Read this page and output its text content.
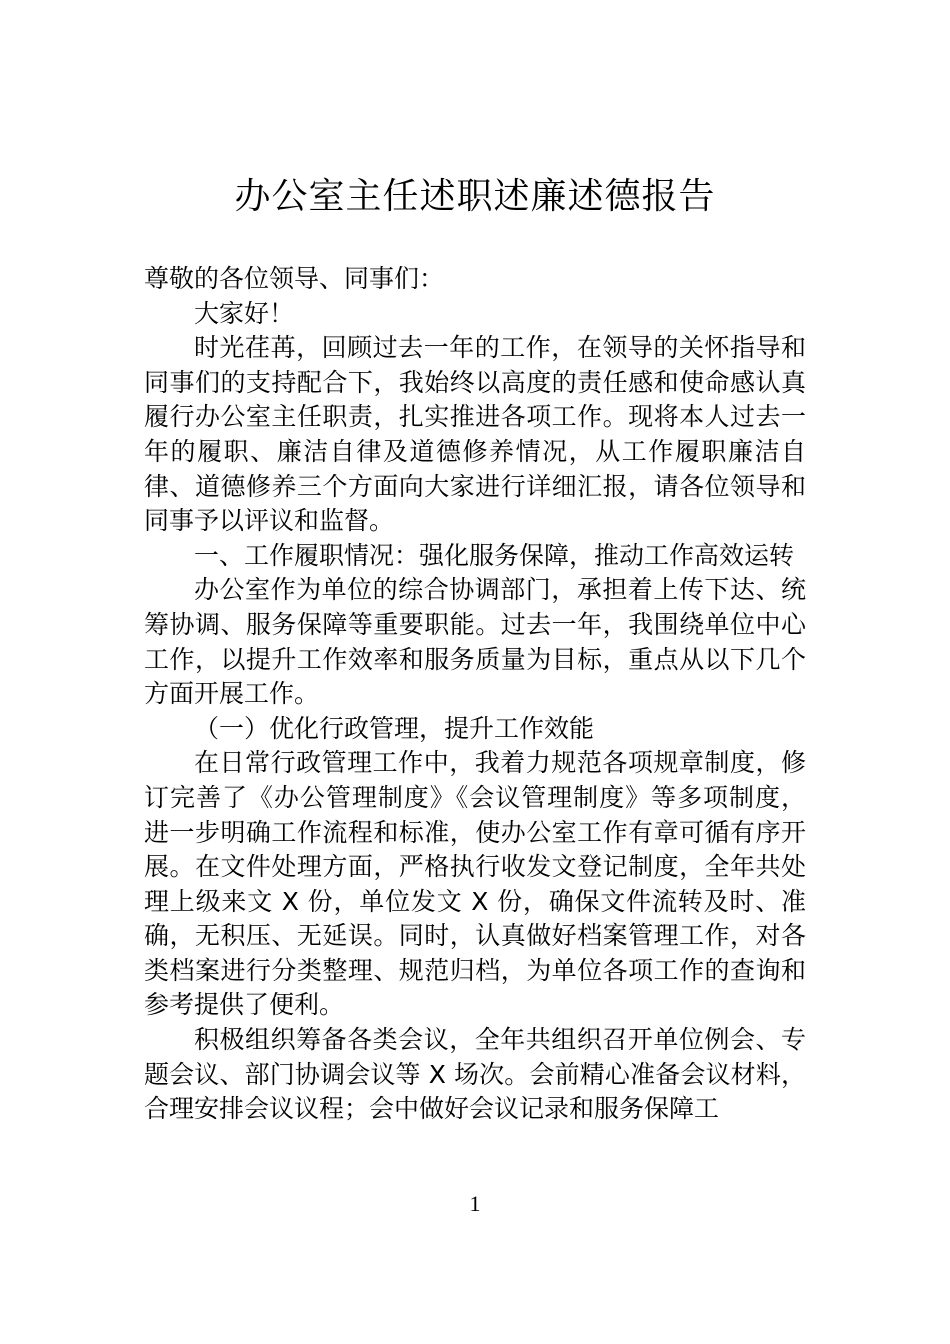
办公室主任述职述廉述德报告

尊敬的各位领导、同事们：

大家好！

时光荏苒，回顾过去一年的工作，在领导的关怀指导和同事们的支持配合下，我始终以高度的责任感和使命感认真履行办公室主任职责，扎实推进各项工作。现将本人过去一年的履职、廉洁自律及道德修养情况，从工作履职廉洁自律、道德修养三个方面向大家进行详细汇报，请各位领导和同事予以评议和监督。

一、工作履职情况：强化服务保障，推动工作高效运转

办公室作为单位的综合协调部门，承担着上传下达、统筹协调、服务保障等重要职能。过去一年，我围绕单位中心工作，以提升工作效率和服务质量为目标，重点从以下几个方面开展工作。

（一）优化行政管理，提升工作效能

在日常行政管理工作中，我着力规范各项规章制度，修订完善了《办公管理制度》《会议管理制度》等多项制度，进一步明确工作流程和标准，使办公室工作有章可循有序开展。在文件处理方面，严格执行收发文登记制度，全年共处理上级来文 X 份，单位发文 X 份，确保文件流转及时、准确，无积压、无延误。同时，认真做好档案管理工作，对各类档案进行分类整理、规范归档，为单位各项工作的查询和参考提供了便利。

积极组织筹备各类会议，全年共组织召开单位例会、专题会议、部门协调会议等 X 场次。会前精心准备会议材料，合理安排会议议程；会中做好会议记录和服务保障工

1
